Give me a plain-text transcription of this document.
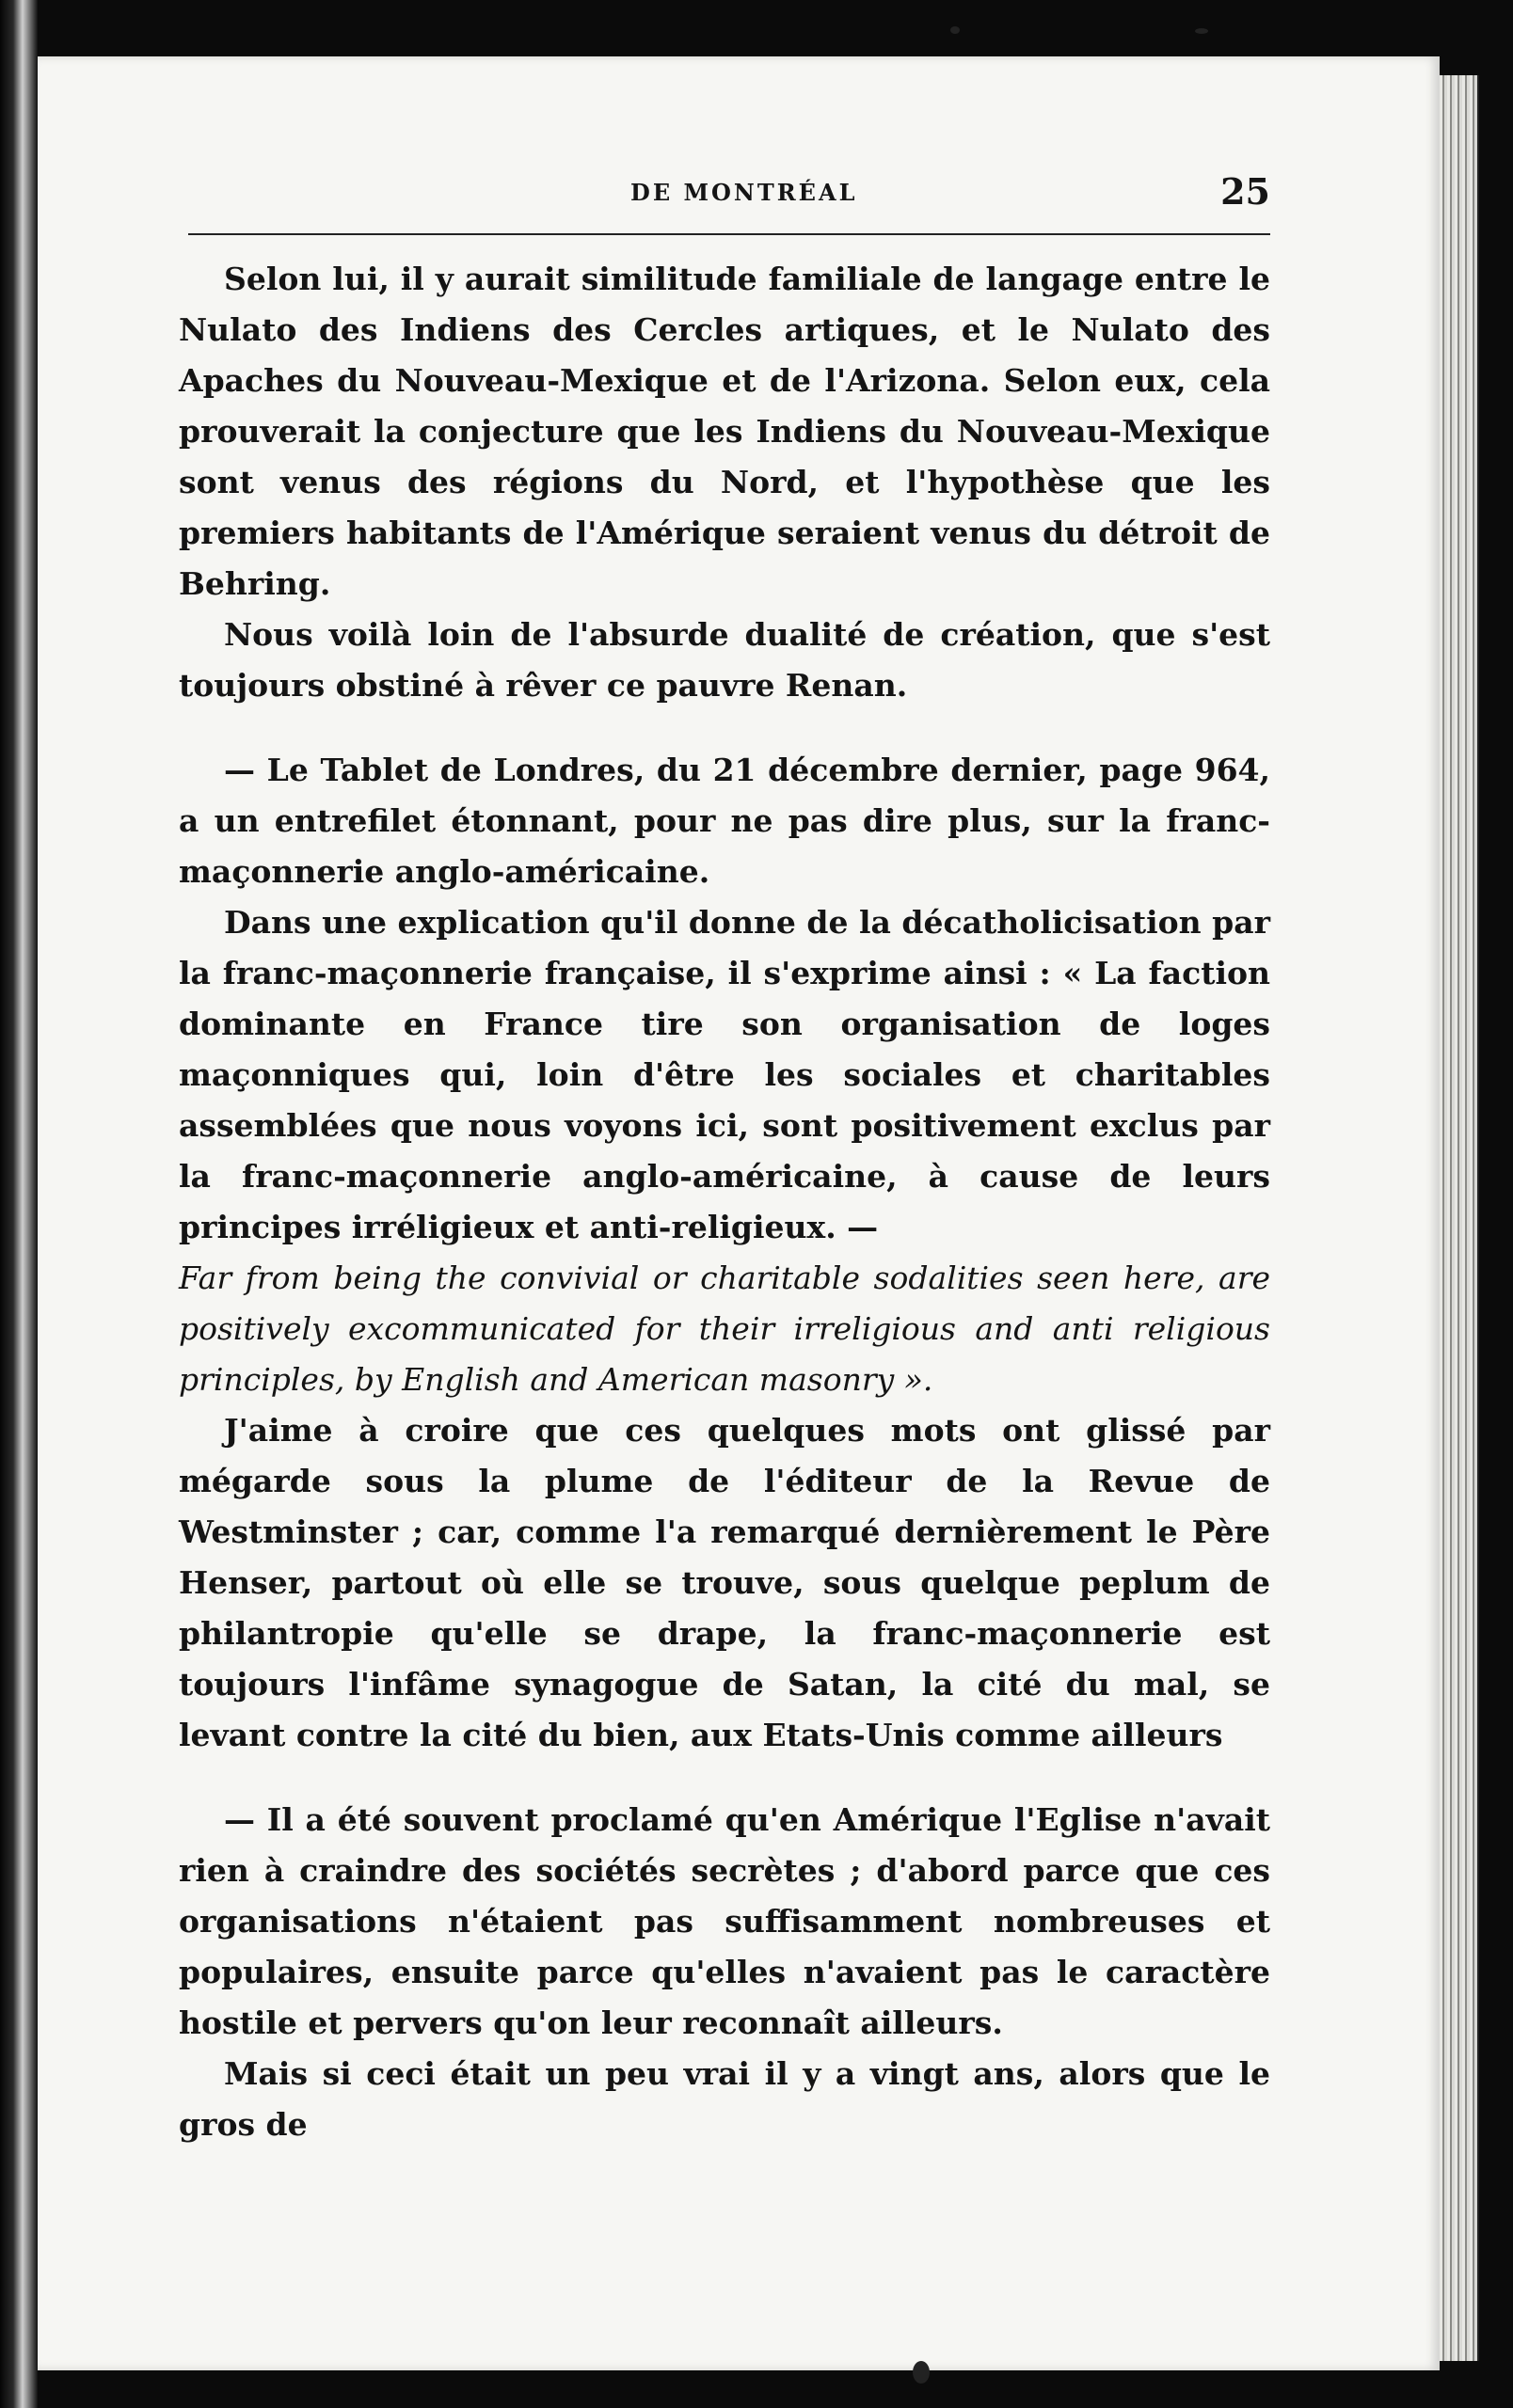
DE MONTRÉAL	25

Selon lui, il y aurait similitude familiale de langage entre le Nulato des Indiens des Cercles artiques, et le Nulato des Apaches du Nouveau-Mexique et de l'Arizona. Selon eux, cela prouverait la conjecture que les Indiens du Nouveau-Mexique sont venus des régions du Nord, et l'hypothèse que les premiers habitants de l'Amérique seraient venus du détroit de Behring.

Nous voilà loin de l'absurde dualité de création, que s'est toujours obstiné à rêver ce pauvre Renan.

— Le Tablet de Londres, du 21 décembre dernier, page 964, a un entrefilet étonnant, pour ne pas dire plus, sur la franc-maçonnerie anglo-américaine.

Dans une explication qu'il donne de la décatholicisation par la franc-maçonnerie française, il s'exprime ainsi : « La faction dominante en France tire son organisation de loges maçonniques qui, loin d'être les sociales et charitables assemblées que nous voyons ici, sont positivement exclus par la franc-maçonnerie anglo-américaine, à cause de leurs principes irréligieux et anti-religieux. —

Far from being the convivial or charitable sodalities seen here, are positively excommunicated for their irreligious and anti religious principles, by English and American masonry ».

J'aime à croire que ces quelques mots ont glissé par mégarde sous la plume de l'éditeur de la Revue de Westminster ; car, comme l'a remarqué dernièrement le Père Henser, partout où elle se trouve, sous quelque peplum de philantropie qu'elle se drape, la franc-maçonnerie est toujours l'infâme synagogue de Satan, la cité du mal, se levant contre la cité du bien, aux Etats-Unis comme ailleurs

— Il a été souvent proclamé qu'en Amérique l'Eglise n'avait rien à craindre des sociétés secrètes ; d'abord parce que ces organisations n'étaient pas suffisamment nombreuses et populaires, ensuite parce qu'elles n'avaient pas le caractère hostile et pervers qu'on leur reconnaît ailleurs.

Mais si ceci était un peu vrai il y a vingt ans, alors que le gros de
